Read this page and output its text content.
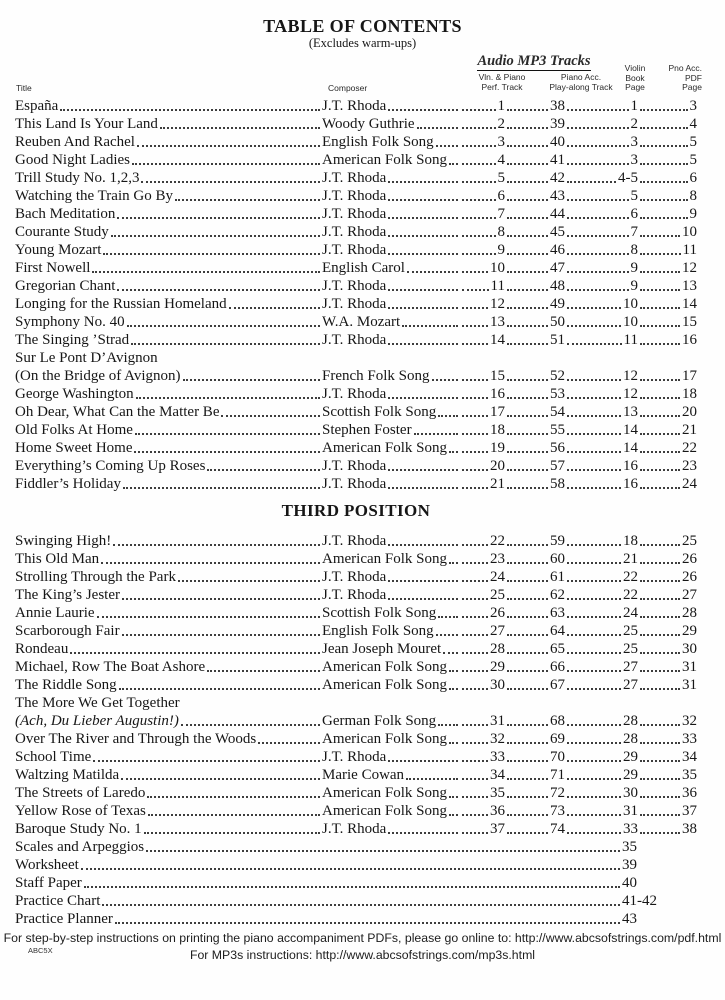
TABLE OF CONTENTS
(Excludes warm-ups)
Audio MP3 Tracks
Vln. & Piano
Perf. Track
Piano Acc.
Play-along Track
Violin
Book
Page
Pno Acc.
PDF
Page
Title	Composer
España	J.T. Rhoda	1	38	1	3
This Land Is Your Land	Woody Guthrie	2	39	2	4
Reuben And Rachel	English Folk Song	3	40	3	5
Good Night Ladies	American Folk Song	4	41	3	5
Trill Study No. 1,2,3	J.T. Rhoda	5	42	4-5	6
Watching the Train Go By	J.T. Rhoda	6	43	5	8
Bach Meditation	J.T. Rhoda	7	44	6	9
Courante Study	J.T. Rhoda	8	45	7	10
Young Mozart	J.T. Rhoda	9	46	8	11
First Nowell	English Carol	10	47	9	12
Gregorian Chant	J.T. Rhoda	11	48	9	13
Longing for the Russian Homeland	J.T. Rhoda	12	49	10	14
Symphony No. 40	W.A. Mozart	13	50	10	15
The Singing ’Strad	J.T. Rhoda	14	51	11	16
Sur Le Pont D’Avignon
(On the Bridge of Avignon)	French Folk Song	15	52	12	17
George Washington	J.T. Rhoda	16	53	12	18
Oh Dear, What Can the Matter Be	Scottish Folk Song	17	54	13	20
Old Folks At Home	Stephen Foster	18	55	14	21
Home Sweet Home	American Folk Song	19	56	14	22
Everything’s Coming Up Roses	J.T. Rhoda	20	57	16	23
Fiddler’s Holiday	J.T. Rhoda	21	58	16	24
THIRD POSITION
Swinging High!	J.T. Rhoda	22	59	18	25
This Old Man	American Folk Song	23	60	21	26
Strolling Through the Park	J.T. Rhoda	24	61	22	26
The King’s Jester	J.T. Rhoda	25	62	22	27
Annie Laurie	Scottish Folk Song	26	63	24	28
Scarborough Fair	English Folk Song	27	64	25	29
Rondeau	Jean Joseph Mouret	28	65	25	30
Michael, Row The Boat Ashore	American Folk Song	29	66	27	31
The Riddle Song	American Folk Song	30	67	27	31
The More We Get Together
(Ach, Du Lieber Augustin!)	German Folk Song	31	68	28	32
Over The River and Through the Woods	American Folk Song	32	69	28	33
School Time	J.T. Rhoda	33	70	29	34
Waltzing Matilda	Marie Cowan	34	71	29	35
The Streets of Laredo	American Folk Song	35	72	30	36
Yellow Rose of Texas	American Folk Song	36	73	31	37
Baroque Study No. 1	J.T. Rhoda	37	74	33	38
Scales and Arpeggios	35
Worksheet	39
Staff Paper	40
Practice Chart	41-42
Practice Planner	43
For step-by-step instructions on printing the piano accompaniment PDFs, please go online to: http://www.abcsofstrings.com/pdf.html
For MP3s instructions: http://www.abcsofstrings.com/mp3s.html
ABC5X
